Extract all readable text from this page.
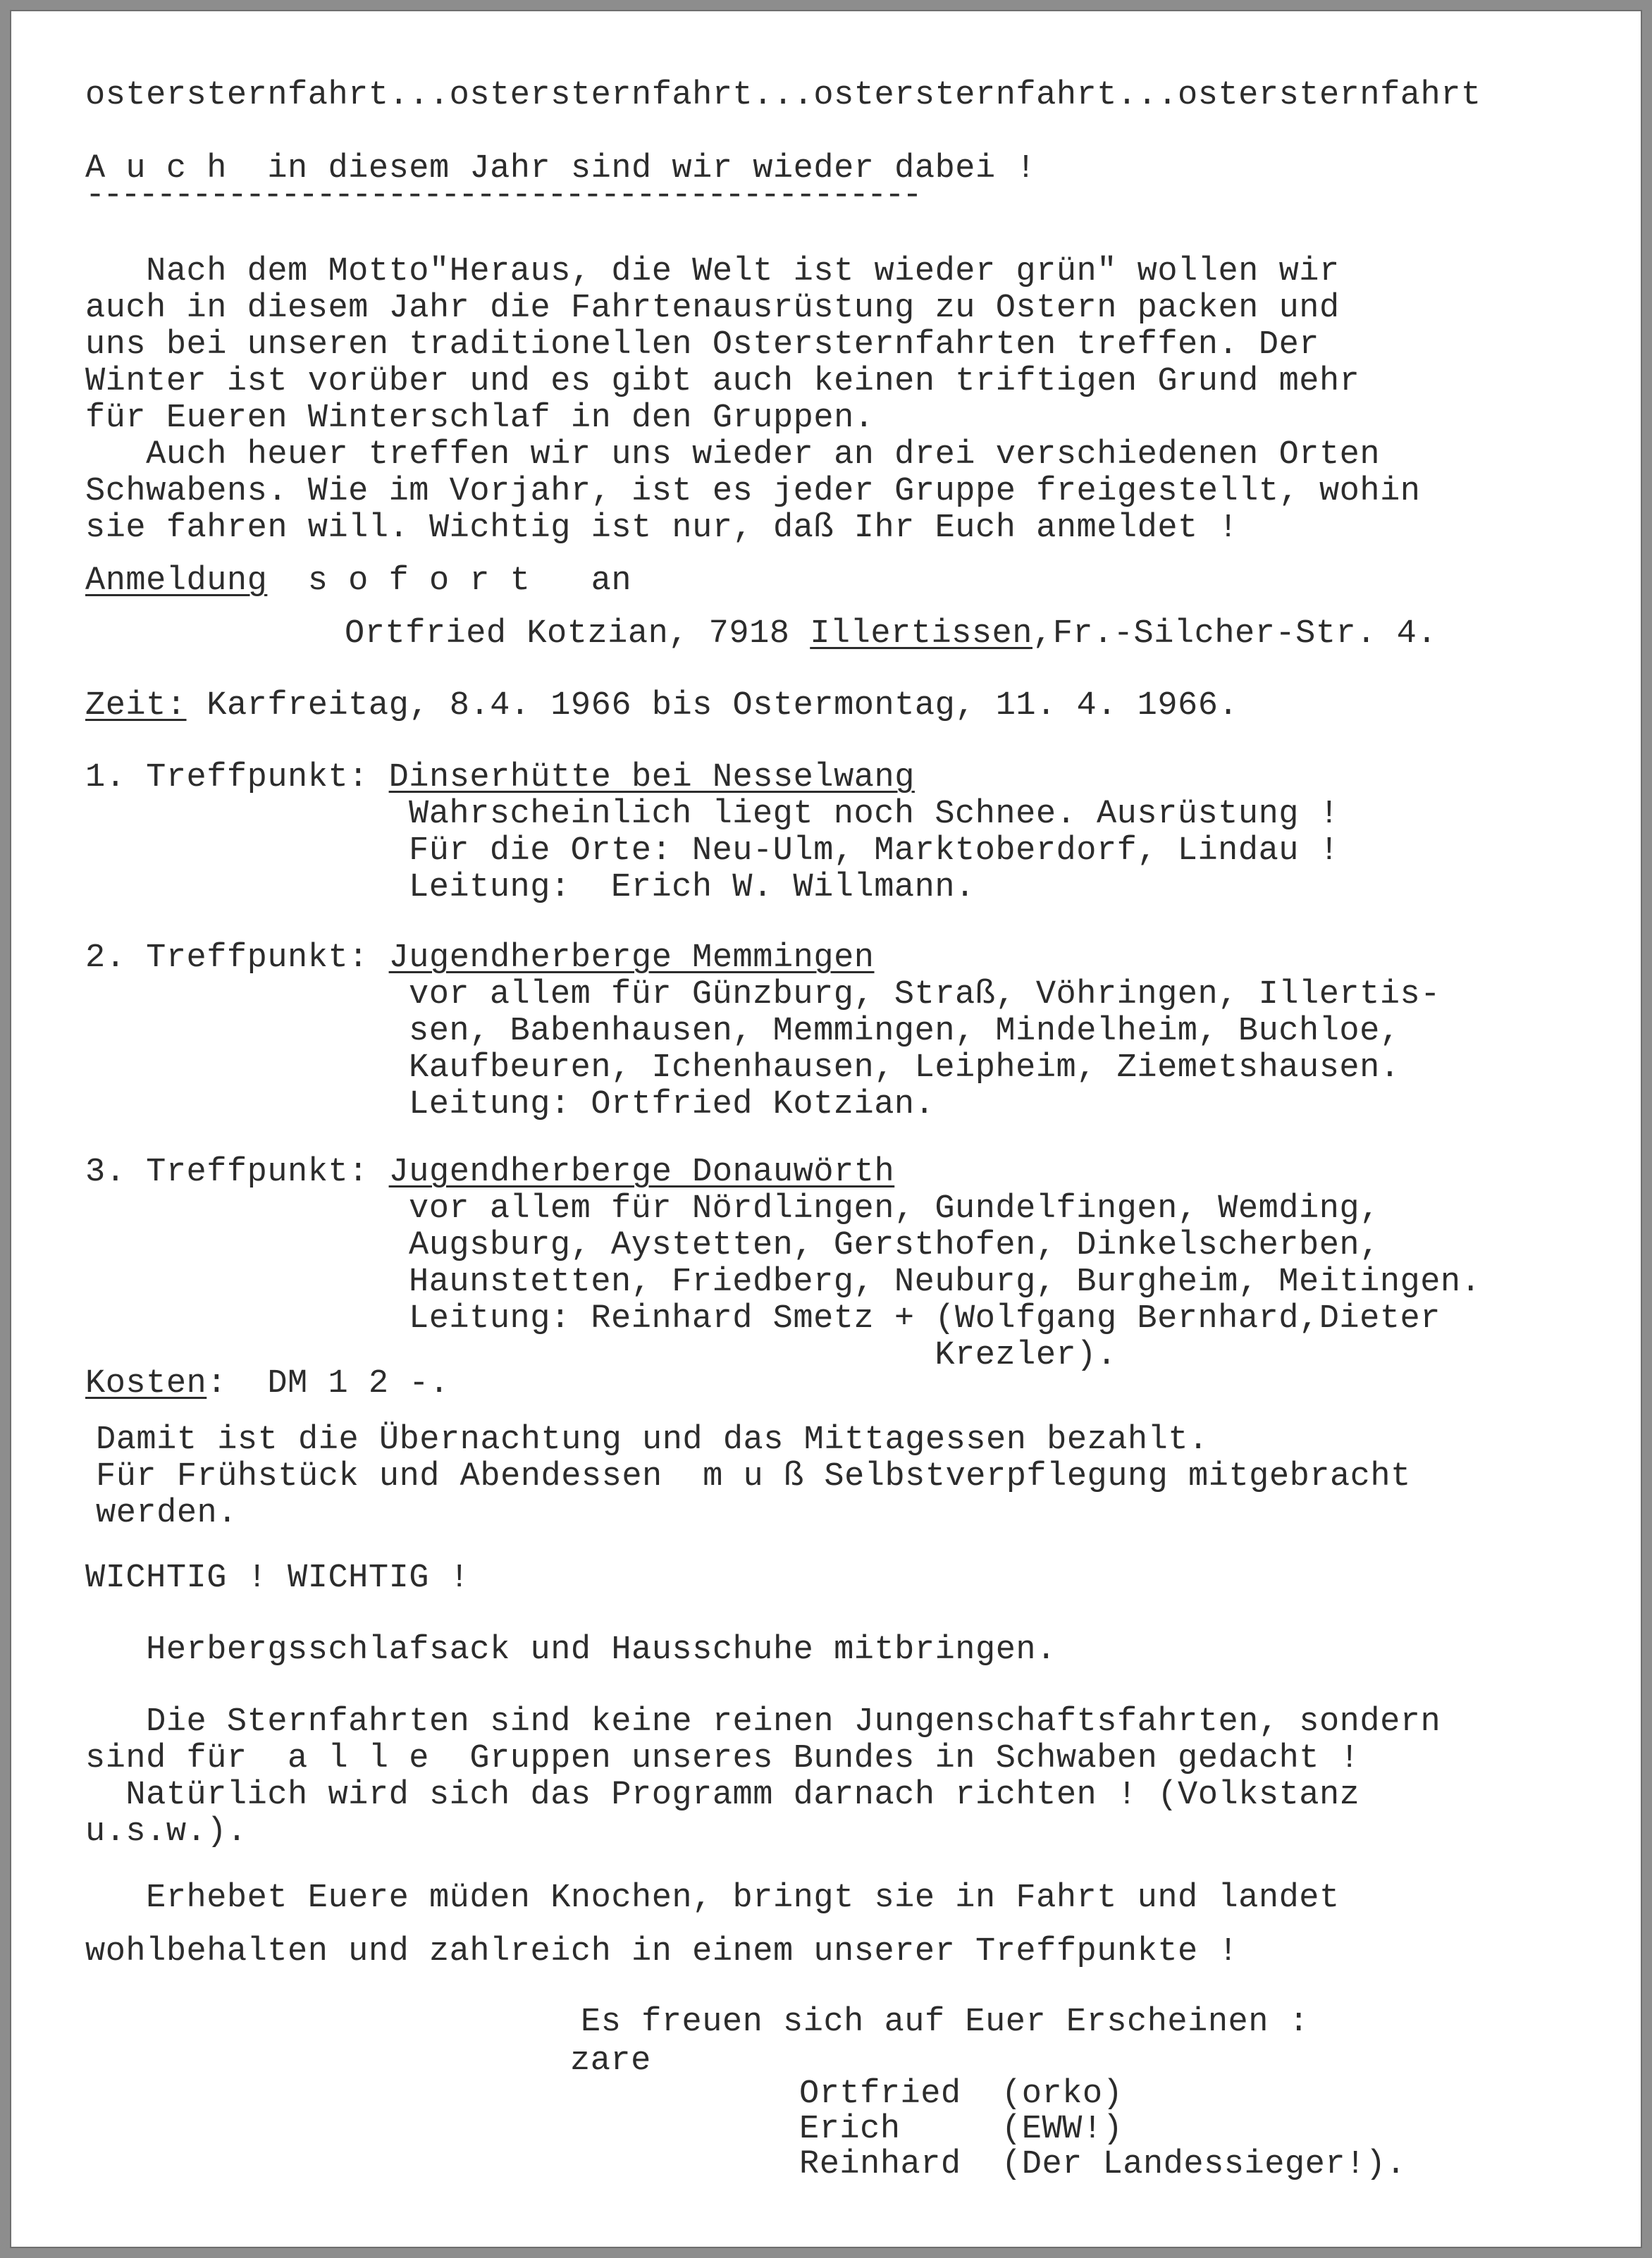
ostersternfahrt...ostersternfahrt...ostersternfahrt...ostersternfahrt
A u c h  in diesem Jahr sind wir wieder dabei !
-----------------------------------------------
Nach dem Motto"Heraus, die Welt ist wieder grün" wollen wir
auch in diesem Jahr die Fahrtenausrüstung zu Ostern packen und
uns bei unseren traditionellen Ostersternfahrten treffen. Der
Winter ist vorüber und es gibt auch keinen triftigen Grund mehr
für Eueren Winterschlaf in den Gruppen.
Auch heuer treffen wir uns wieder an drei verschiedenen Orten
Schwabens. Wie im Vorjahr, ist es jeder Gruppe freigestellt, wohin
sie fahren will. Wichtig ist nur, daß Ihr Euch anmeldet !
Anmeldung  s o f o r t   an
Ortfried Kotzian, 7918 Illertissen,Fr.-Silcher-Str. 4.
Zeit: Karfreitag, 8.4. 1966 bis Ostermontag, 11. 4. 1966.
1. Treffpunkt: Dinserhütte bei Nesselwang
Wahrscheinlich liegt noch Schnee. Ausrüstung !
Für die Orte: Neu-Ulm, Marktoberdorf, Lindau !
Leitung:  Erich W. Willmann.
2. Treffpunkt: Jugendherberge Memmingen
vor allem für Günzburg, Straß, Vöhringen, Illertis-
sen, Babenhausen, Memmingen, Mindelheim, Buchloe,
Kaufbeuren, Ichenhausen, Leipheim, Ziemetshausen.
Leitung: Ortfried Kotzian.
3. Treffpunkt: Jugendherberge Donauwörth
vor allem für Nördlingen, Gundelfingen, Wemding,
Augsburg, Aystetten, Gersthofen, Dinkelscherben,
Haunstetten, Friedberg, Neuburg, Burgheim, Meitingen.
Leitung: Reinhard Smetz + (Wolfgang Bernhard,Dieter
Krezler).
Kosten:  DM 1 2 -.
Damit ist die Übernachtung und das Mittagessen bezahlt.
Für Frühstück und Abendessen  m u ß Selbstverpflegung mitgebracht
werden.
WICHTIG ! WICHTIG !
Herbergsschlafsack und Hausschuhe mitbringen.
Die Sternfahrten sind keine reinen Jungenschaftsfahrten, sondern
sind für  a l l e  Gruppen unseres Bundes in Schwaben gedacht !
Natürlich wird sich das Programm darnach richten ! (Volkstanz
u.s.w.).
Erhebet Euere müden Knochen, bringt sie in Fahrt und landet
wohlbehalten und zahlreich in einem unserer Treffpunkte !
Es freuen sich auf Euer Erscheinen :
zare
Ortfried  (orko)
Erich     (EWW!)
Reinhard  (Der Landessieger!).
